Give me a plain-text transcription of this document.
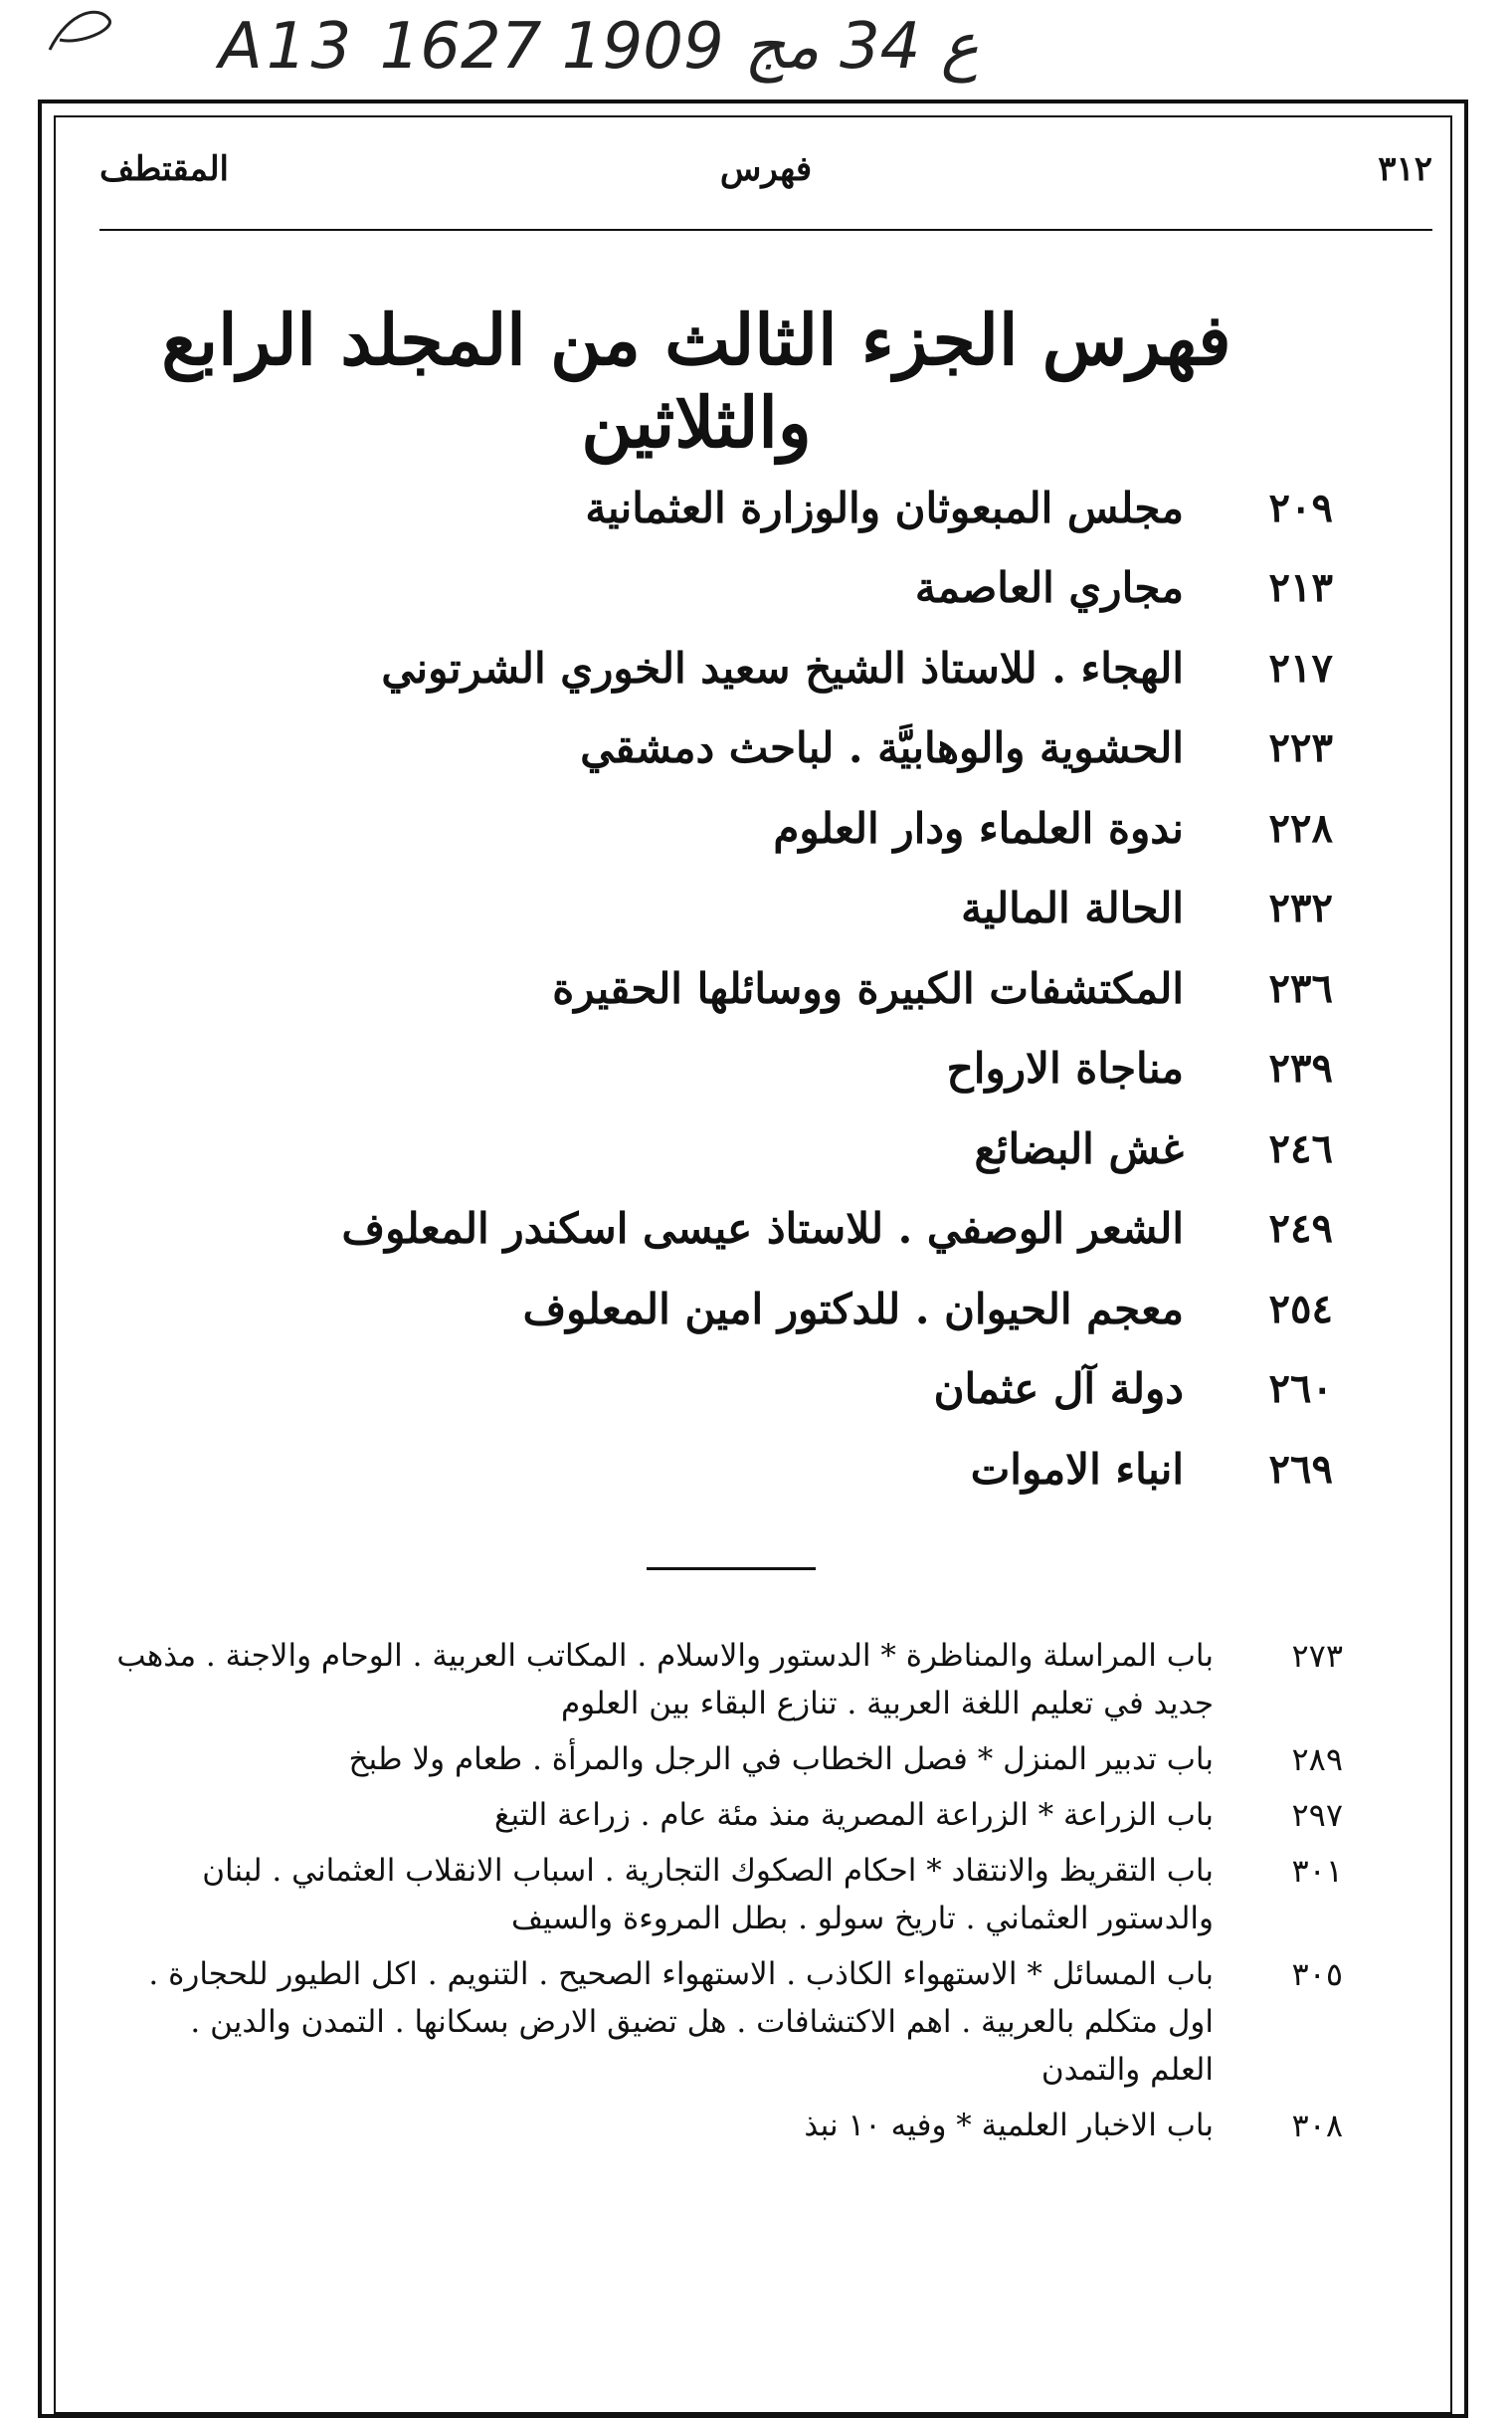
A13 ع 34 مج 1909 1627
٣١٢
فهرس
المقتطف
فهرس الجزء الثالث من المجلد الرابع والثلاثين
٢٠٩
مجلس المبعوثان والوزارة العثمانية
٢١٣
مجاري العاصمة
٢١٧
الهجاء . للاستاذ الشيخ سعيد الخوري الشرتوني
٢٢٣
الحشوية والوهابيَّة . لباحث دمشقي
٢٢٨
ندوة العلماء ودار العلوم
٢٣٢
الحالة المالية
٢٣٦
المكتشفات الكبيرة ووسائلها الحقيرة
٢٣٩
مناجاة الارواح
٢٤٦
غش البضائع
٢٤٩
الشعر الوصفي . للاستاذ عيسى اسكندر المعلوف
٢٥٤
معجم الحيوان . للدكتور امين المعلوف
٢٦٠
دولة آل عثمان
٢٦٩
انباء الاموات
٢٧٣
باب المراسلة والمناظرة * الدستور والاسلام . المكاتب العربية . الوحام والاجنة . مذهب
جديد في تعليم اللغة العربية . تنازع البقاء بين العلوم
٢٨٩
باب تدبير المنزل * فصل الخطاب في الرجل والمرأة . طعام ولا طبخ
٢٩٧
باب الزراعة * الزراعة المصرية منذ مئة عام . زراعة التبغ
٣٠١
باب التقريظ والانتقاد * احكام الصكوك التجارية . اسباب الانقلاب العثماني . لبنان
والدستور العثماني . تاريخ سولو . بطل المروءة والسيف
٣٠٥
باب المسائل * الاستهواء الكاذب . الاستهواء الصحيح . التنويم . اكل الطيور للحجارة .
اول متكلم بالعربية . اهم الاكتشافات . هل تضيق الارض بسكانها . التمدن والدين .
العلم والتمدن
٣٠٨
باب الاخبار العلمية * وفيه ١٠ نبذ
